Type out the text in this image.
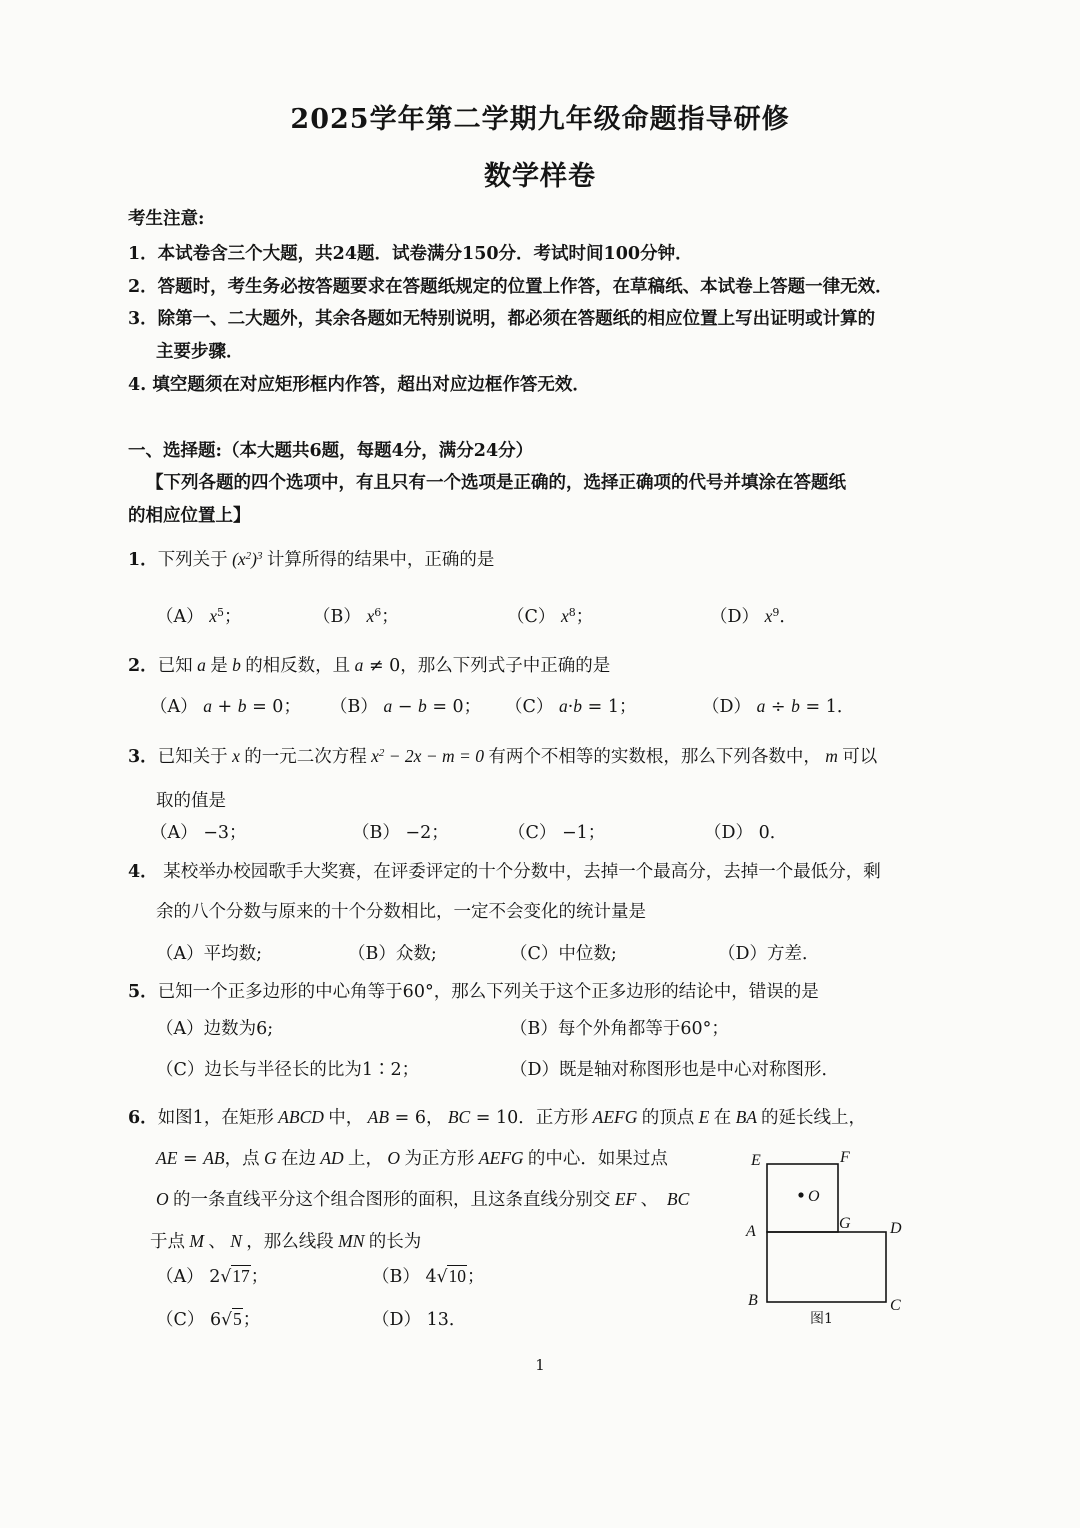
2025学年第二学期九年级命题指导研修
数学样卷
考生注意:
1．本试卷含三个大题，共24题．试卷满分150分．考试时间100分钟．
2．答题时，考生务必按答题要求在答题纸规定的位置上作答，在草稿纸、本试卷上答题一律无效．
3．除第一、二大题外，其余各题如无特别说明，都必须在答题纸的相应位置上写出证明或计算的
主要步骤．
4. 填空题须在对应矩形框内作答，超出对应边框作答无效．
一、选择题:（本大题共6题，每题4分，满分24分）
【下列各题的四个选项中，有且只有一个选项是正确的，选择正确项的代号并填涂在答题纸
的相应位置上】
1．下列关于 $(x^2)^3$ 计算所得的结果中，正确的是
（A） $x^5$；	（B） $x^6$；	（C） $x^8$；	（D） $x^9$．
2．已知 a 是 b 的相反数，且 a ≠ 0，那么下列式子中正确的是
（A） a + b = 0； （B） a − b = 0； （C） a·b = 1；	（D） a ÷ b = 1．
3．已知关于 x 的一元二次方程 $x^2 - 2x - m = 0$ 有两个不相等的实数根，那么下列各数中， m 可以
取的值是
（A） −3；	（B） −2；	（C） −1；	（D） 0．
4． 某校举办校园歌手大奖赛，在评委评定的十个分数中，去掉一个最高分，去掉一个最低分，剩
余的八个分数与原来的十个分数相比，一定不会变化的统计量是
（A）平均数;	（B）众数;	（C）中位数;	（D）方差．
5．已知一个正多边形的中心角等于60°，那么下列关于这个正多边形的结论中，错误的是
（A）边数为6;	（B）每个外角都等于60°；
（C）边长与半径长的比为1∶2；	（D）既是轴对称图形也是中心对称图形．
6．如图1，在矩形 ABCD 中， AB = 6， BC = 10．正方形 AEFG 的顶点 E 在 BA 的延长线上，
AE = AB，点 G 在边 AD 上， O 为正方形 AEFG 的中心．如果过点
O 的一条直线平分这个组合图形的面积，且这条直线分别交 EF 、  BC
于点 M 、 N ，那么线段 MN 的长为
（A） 2√17；	（B） 4√10；
（C） 6√5；	（D） 13．
E	F
O
G
A	D
B	C
图1
1
